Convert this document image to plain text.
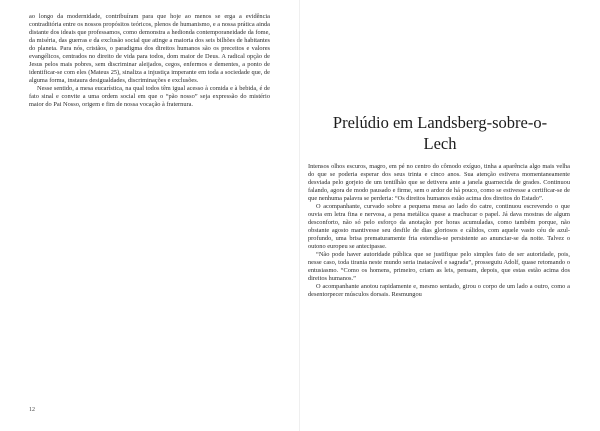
ao longo da modernidade, contribuíram para que hoje ao menos se erga a evidência contraditória entre os nossos propósitos teóricos, plenos de humanismo, e a nossa prática ainda distante dos ideais que professamos, como demonstra a hedionda contemporaneidade da fome, da miséria, das guerras e da exclusão social que atinge a maioria dos seis bilhões de habitantes do planeta. Para nós, cristãos, o paradigma dos direitos humanos são os preceitos e valores evangélicos, centrados no direito de vida para todos, dom maior de Deus. A radical opção de Jesus pelos mais pobres, sem discriminar aleijados, cegos, enfermos e dementes, a ponto de identificar-se com eles (Mateus 25), sinaliza a injustiça imperante em toda a sociedade que, de alguma forma, instaura desigualdades, discriminações e exclusões.

Nesse sentido, a mesa eucarística, na qual todos têm igual acesso à comida e à bebida, é de fato sinal e convite a uma ordem social em que o “pão nosso” seja expressão do mistério maior do Pai Nosso, origem e fim de nossa vocação à fraternura.

12
Prelúdio em Landsberg-sobre-o-Lech

Intensos olhos escuros, magro, em pé no centro do cômodo exíguo, tinha a aparência algo mais velha do que se poderia esperar dos seus trinta e cinco anos. Sua atenção estivera momentaneamente desviada pelo gorjeio de um tentilhão que se detivera ante a janela guarnecida de grades. Continuou falando, agora de modo pausado e firme, sem o ardor de há pouco, como se estivesse a certificar-se de que nenhuma palavra se perderia: “Os direitos humanos estão acima dos direitos do Estado”.

O acompanhante, curvado sobre a pequena mesa ao lado do catre, continuou escrevendo o que ouvia em letra fina e nervosa, a pena metálica quase a machucar o papel. Já dava mostras de algum desconforto, não só pelo esforço da anotação por horas acumuladas, como também porque, não obstante agosto mantivesse seu desfile de dias gloriosos e cálidos, com aquele vasto céu de azul-profundo, uma brisa prematuramente fria estendia-se persistente ao anunciar-se da noite. Talvez o outono europeu se antecipasse.

“Não pode haver autoridade pública que se justifique pelo simples fato de ser autoridade, pois, nesse caso, toda tirania neste mundo seria inatacável e sagrada”, prosseguiu Adolf, quase retomando o entusiasmo. “Como os homens, primeiro, criam as leis, pensam, depois, que estas estão acima dos direitos humanos.”

O acompanhante anotou rapidamente e, mesmo sentado, girou o corpo de um lado a outro, como a desentorpecer músculos dorsais. Resmungou
